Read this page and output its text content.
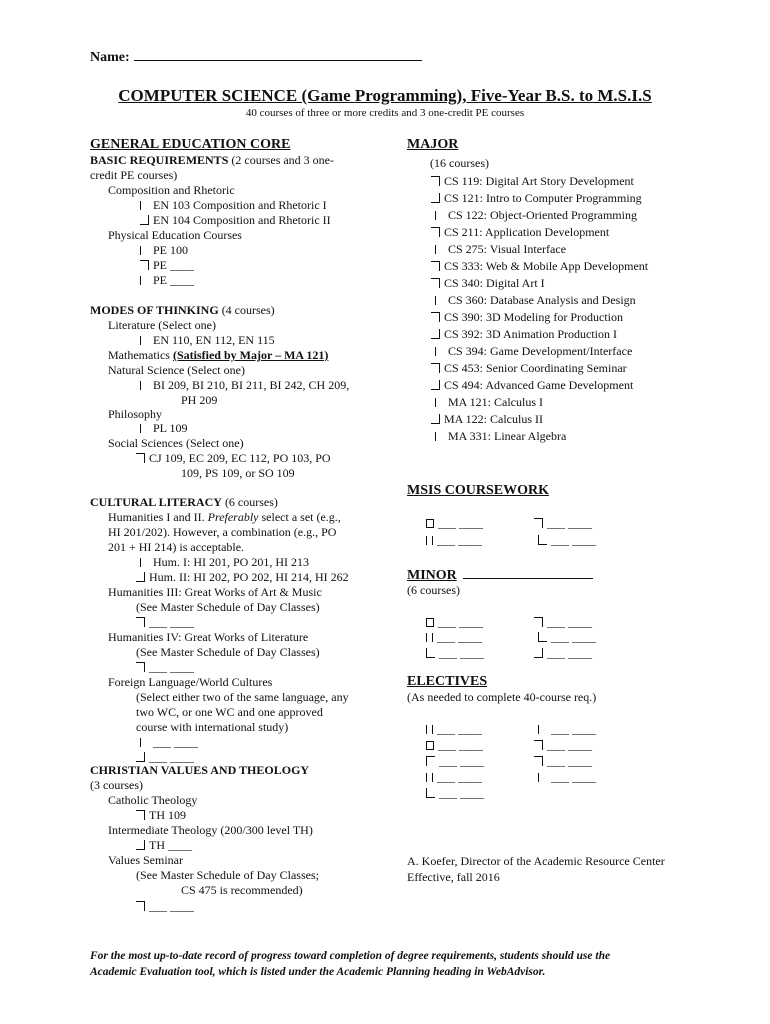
Name:
COMPUTER SCIENCE (Game Programming), Five-Year B.S. to M.S.I.S
40 courses of three or more credits and 3 one-credit PE courses
GENERAL EDUCATION CORE
BASIC REQUIREMENTS (2 courses and 3 one-
credit PE courses)
Composition and Rhetoric
EN 103 Composition and Rhetoric I
EN 104 Composition and Rhetoric II
Physical Education Courses
PE 100
PE ____
PE ____
MODES OF THINKING (4 courses)
Literature (Select one)
EN 110, EN 112, EN 115
Mathematics (Satisfied by Major – MA 121)
Natural Science (Select one)
BI 209, BI 210, BI 211, BI 242, CH 209,
PH 209
Philosophy
PL 109
Social Sciences (Select one)
CJ 109, EC 209, EC 112, PO 103, PO
109, PS 109, or SO 109
CULTURAL LITERACY (6 courses)
Humanities I and II. Preferably select a set (e.g.,
HI 201/202). However, a combination (e.g., PO
201 + HI 214) is acceptable.
Hum. I: HI 201, PO 201, HI 213
Hum. II: HI 202, PO 202, HI 214, HI 262
Humanities III: Great Works of Art & Music
(See Master Schedule of Day Classes)
___ ____
Humanities IV: Great Works of Literature
(See Master Schedule of Day Classes)
___ ____
Foreign Language/World Cultures
(Select either two of the same language, any
two WC, or one WC and one approved
course with international study)
___ ____
___ ____
CHRISTIAN VALUES AND THEOLOGY
(3 courses)
Catholic Theology
TH 109
Intermediate Theology (200/300 level TH)
TH ____
Values Seminar
(See Master Schedule of Day Classes;
CS 475 is recommended)
___ ____
MAJOR
(16 courses)
CS 119: Digital Art Story Development
CS 121: Intro to Computer Programming
CS 122: Object-Oriented Programming
CS 211: Application Development
CS 275: Visual Interface
CS 333: Web & Mobile App Development
CS 340: Digital Art I
CS 360: Database Analysis and Design
CS 390: 3D Modeling for Production
CS 392: 3D Animation Production I
CS 394: Game Development/Interface
CS 453: Senior Coordinating Seminar
CS 494: Advanced Game Development
MA 121: Calculus I
MA 122: Calculus II
MA 331: Linear Algebra
MSIS COURSEWORK
___ ____	___ ____
___ ____	___ ____
MINOR
(6 courses)
___ ____	___ ____
___ ____	___ ____
___ ____	___ ____
ELECTIVES
(As needed to complete 40-course req.)
___ ____	___ ____
___ ____	___ ____
___ ____	___ ____
___ ____	___ ____
___ ____
A. Koefer, Director of the Academic Resource Center
Effective, fall 2016
For the most up-to-date record of progress toward completion of degree requirements, students should use the
Academic Evaluation tool, which is listed under the Academic Planning heading in WebAdvisor.
